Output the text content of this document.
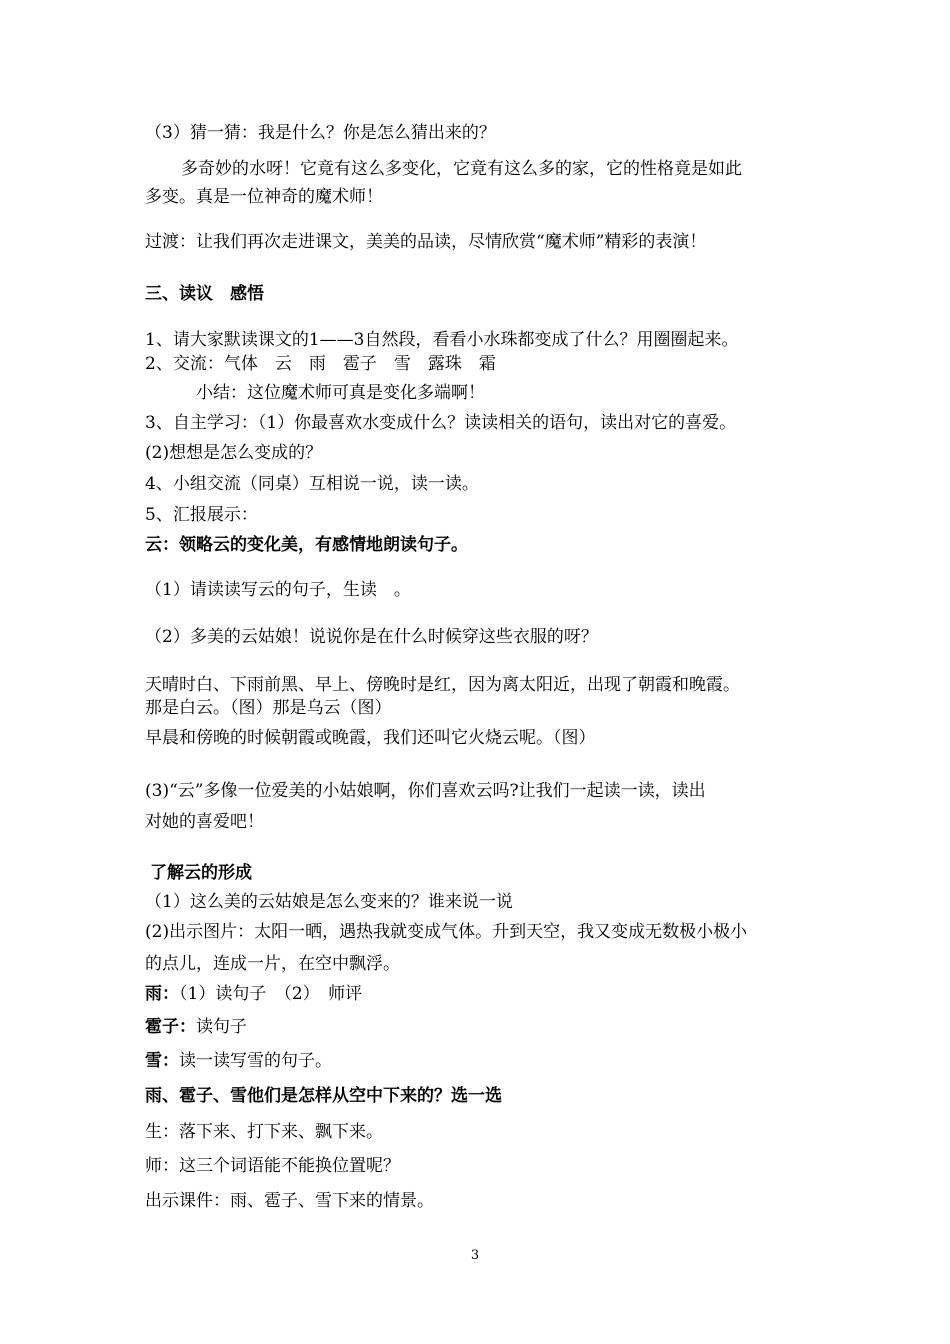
（3）猜一猜：我是什么？你是怎么猜出来的？
多奇妙的水呀！它竟有这么多变化，它竟有这么多的家，它的性格竟是如此
多变。真是一位神奇的魔术师！
过渡：让我们再次走进课文，美美的品读，尽情欣赏“魔术师”精彩的表演！
三、读议　感悟
1、请大家默读课文的1——3自然段，看看小水珠都变成了什么？用圈圈起来。
2、交流：气体　云　雨　雹子　雪　露珠　霜
小结：这位魔术师可真是变化多端啊！
3、自主学习：（1）你最喜欢水变成什么？读读相关的语句，读出对它的喜爱。
(2)想想是怎么变成的？
4、小组交流（同桌）互相说一说，读一读。
5、汇报展示：
云：领略云的变化美，有感情地朗读句子。
（1）请读读写云的句子，生读　。
（2）多美的云姑娘！说说你是在什么时候穿这些衣服的呀？
天晴时白、下雨前黑、早上、傍晚时是红，因为离太阳近，出现了朝霞和晚霞。
那是白云。（图）那是乌云（图）
早晨和傍晚的时候朝霞或晚霞，我们还叫它火烧云呢。（图）
(3)“云”多像一位爱美的小姑娘啊，你们喜欢云吗?让我们一起读一读，读出
对她的喜爱吧！
了解云的形成
（1）这么美的云姑娘是怎么变来的？谁来说一说
(2)出示图片：太阳一晒，遇热我就变成气体。升到天空，我又变成无数极小极小
的点儿，连成一片，在空中飘浮。
雨：（1）读句子　（2）　师评
雹子：读句子
雪：读一读写雪的句子。
雨、雹子、雪他们是怎样从空中下来的？选一选
生：落下来、打下来、飘下来。
师：这三个词语能不能换位置呢？
出示课件：雨、雹子、雪下来的情景。
3
